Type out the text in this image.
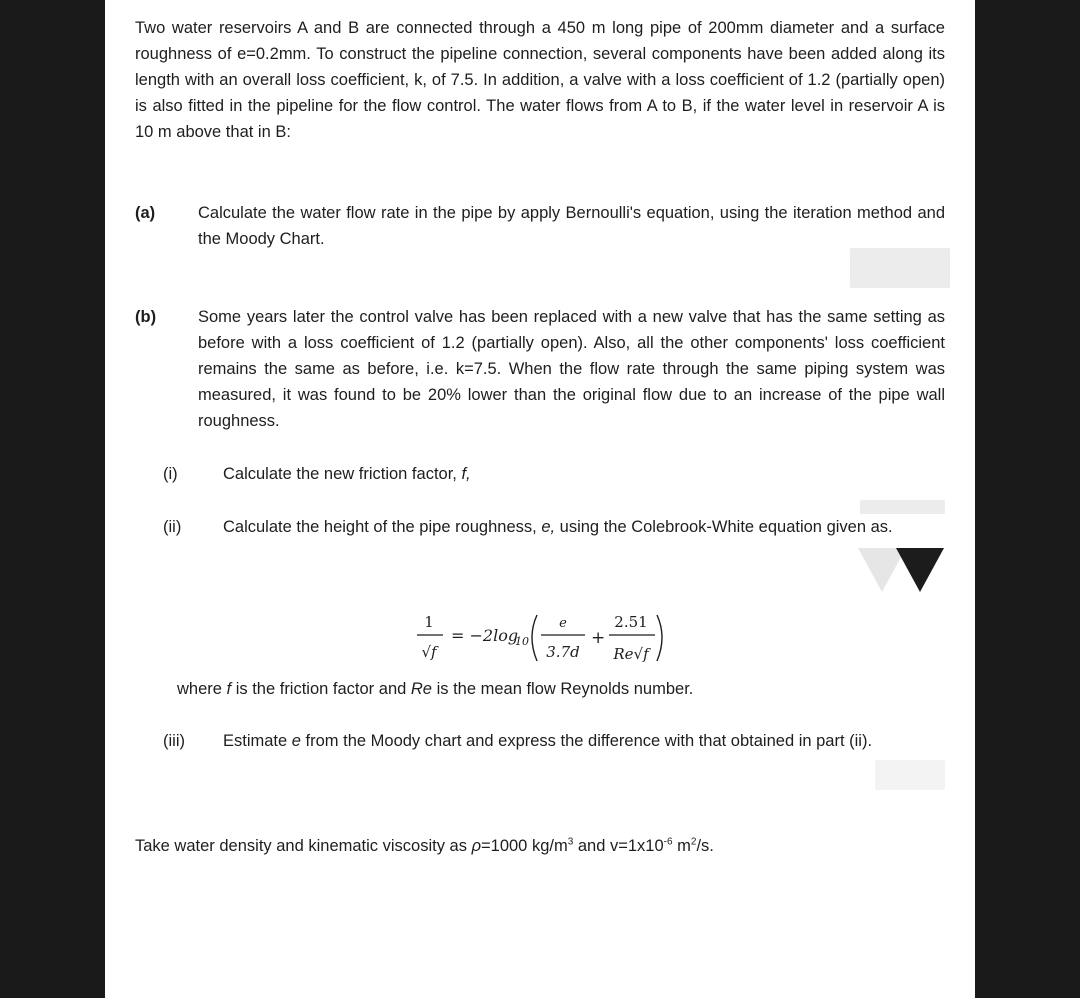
Two water reservoirs A and B are connected through a 450 m long pipe of 200mm diameter and a surface roughness of e=0.2mm. To construct the pipeline connection, several components have been added along its length with an overall loss coefficient, k, of 7.5. In addition, a valve with a loss coefficient of 1.2 (partially open) is also fitted in the pipeline for the flow control. The water flows from A to B, if the water level in reservoir A is 10 m above that in B:

(a)	Calculate the water flow rate in the pipe by apply Bernoulli's equation, using the iteration method and the Moody Chart.

(b)	Some years later the control valve has been replaced with a new valve that has the same setting as before with a loss coefficient of 1.2 (partially open). Also, all the other components' loss coefficient remains the same as before, i.e. k=7.5. When the flow rate through the same piping system was measured, it was found to be 20% lower than the original flow due to an increase of the pipe wall roughness.

(i)	Calculate the new friction factor, f,

(ii)	Calculate the height of the pipe roughness, e, using the Colebrook-White equation given as.

1
√f
= −2log
10
e
3.7d
+
2.51
Re√f

where f is the friction factor and Re is the mean flow Reynolds number.

(iii)	Estimate e from the Moody chart and express the difference with that obtained in part (ii).

Take water density and kinematic viscosity as ρ=1000 $kg/m^3$ and $v=1x10^{-6}$ $m^2/s$.
